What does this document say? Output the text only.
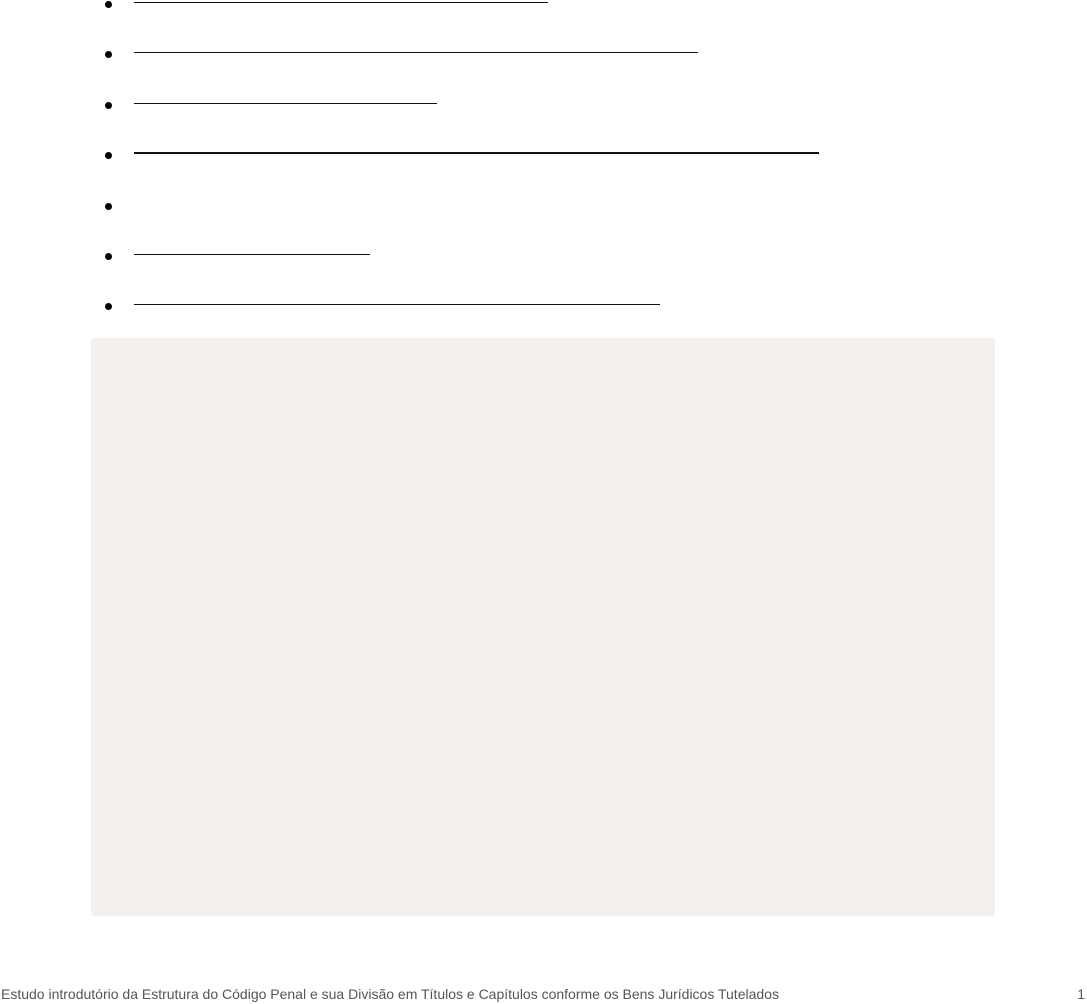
Estudo introdutório da Estrutura do Código Penal e sua Divisão em Títulos e Capítulos conforme os Bens Jurídicos Tutelados	1
